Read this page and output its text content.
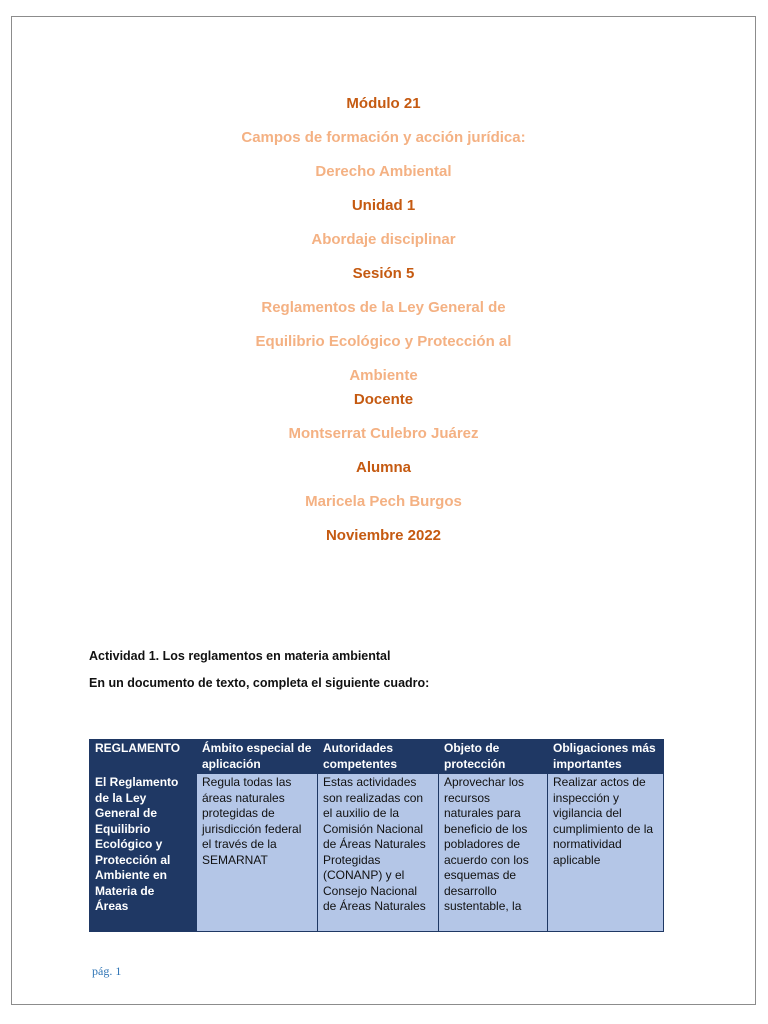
Módulo 21
Campos de formación y acción jurídica:
Derecho Ambiental
Unidad 1
Abordaje disciplinar
Sesión 5
Reglamentos de la Ley General de
Equilibrio Ecológico y Protección al
Ambiente
Docente
Montserrat Culebro Juárez
Alumna
Maricela Pech Burgos
Noviembre 2022
Actividad 1. Los reglamentos en materia ambiental
En un documento de texto, completa el siguiente cuadro:
REGLAMENTO	Ámbito especial de aplicación	Autoridades competentes	Objeto de protección	Obligaciones más importantes
El Reglamento de la Ley General de Equilibrio Ecológico y Protección al Ambiente en Materia de Áreas	Regula todas las áreas naturales protegidas de jurisdicción federal el través de la SEMARNAT	Estas actividades son realizadas con el auxilio de la Comisión Nacional de Áreas Naturales Protegidas (CONANP) y el Consejo Nacional de Áreas Naturales	Aprovechar los recursos naturales para beneficio de los pobladores de acuerdo con los esquemas de desarrollo sustentable, la	Realizar actos de inspección y vigilancia del cumplimiento de la normatividad aplicable
pág. 1
